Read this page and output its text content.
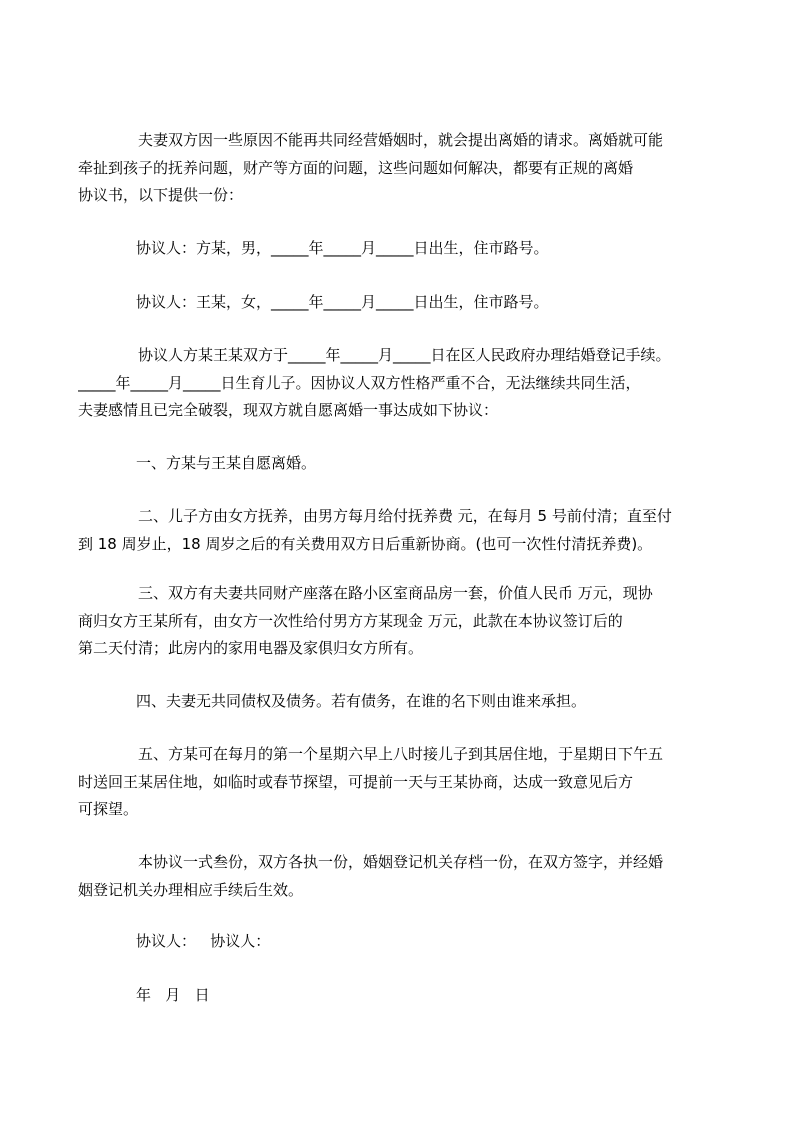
夫妻双方因一些原因不能再共同经营婚姻时，就会提出离婚的请求。离婚就可能
牵扯到孩子的抚养问题，财产等方面的问题，这些问题如何解决，都要有正规的离婚
协议书，以下提供一份：
协议人：方某，男，_____年_____月_____日出生，住市路号。
协议人：王某，女，_____年_____月_____日出生，住市路号。
协议人方某王某双方于_____年_____月_____日在区人民政府办理结婚登记手续。
_____年_____月_____日生育儿子。因协议人双方性格严重不合，无法继续共同生活，
夫妻感情且已完全破裂，现双方就自愿离婚一事达成如下协议：
一、方某与王某自愿离婚。
二、儿子方由女方抚养，由男方每月给付抚养费 元，在每月 5 号前付清；直至付
到 18 周岁止，18 周岁之后的有关费用双方日后重新协商。(也可一次性付清抚养费)。
三、双方有夫妻共同财产座落在路小区室商品房一套，价值人民币 万元，现协
商归女方王某所有，由女方一次性给付男方方某现金 万元，此款在本协议签订后的
第二天付清；此房内的家用电器及家俱归女方所有。
四、夫妻无共同债权及债务。若有债务，在谁的名下则由谁来承担。
五、方某可在每月的第一个星期六早上八时接儿子到其居住地，于星期日下午五
时送回王某居住地，如临时或春节探望，可提前一天与王某协商，达成一致意见后方
可探望。
本协议一式叁份，双方各执一份，婚姻登记机关存档一份，在双方签字，并经婚
姻登记机关办理相应手续后生效。
协议人：   协议人：
年   月   日
